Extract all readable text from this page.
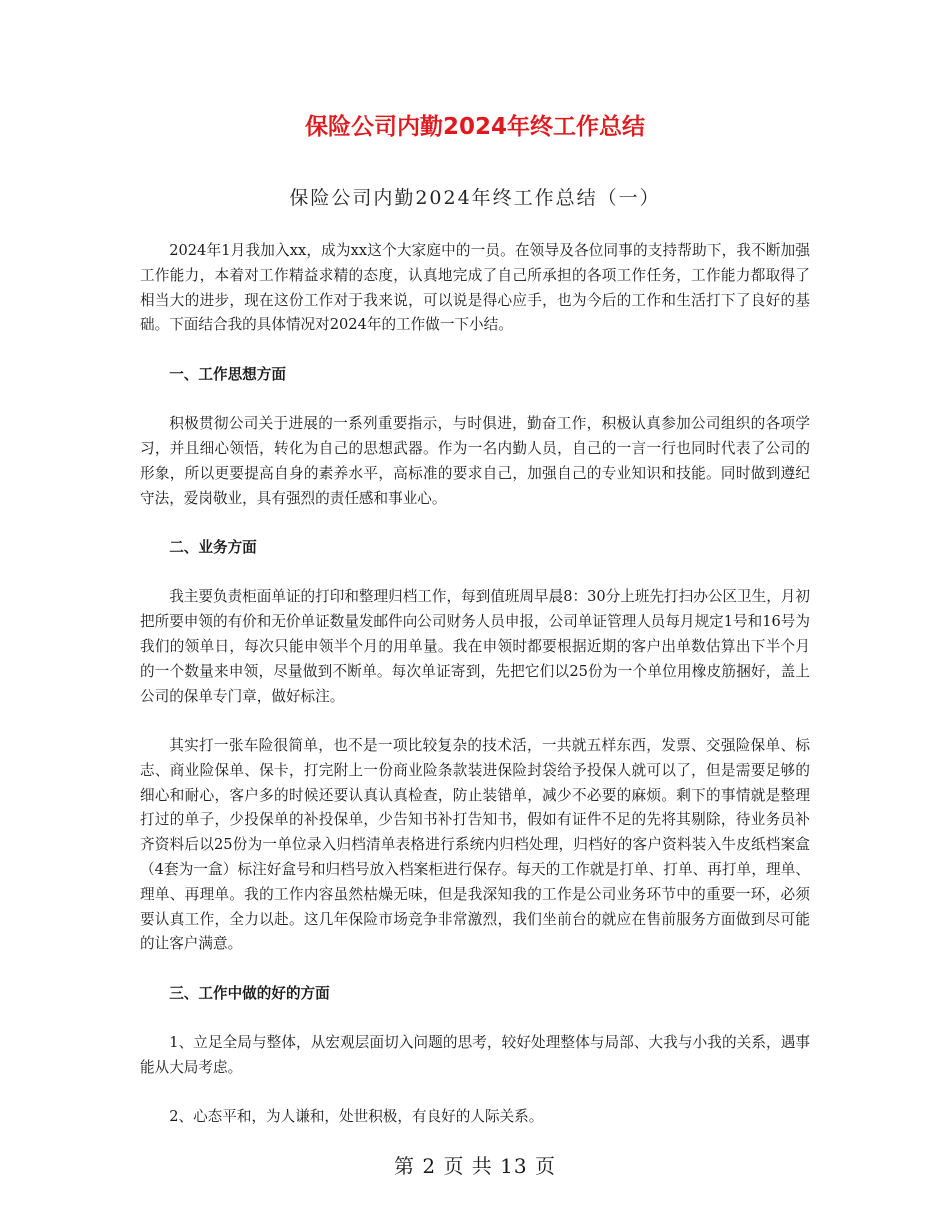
保险公司内勤2024年终工作总结
保险公司内勤2024年终工作总结（一）

2024年1月我加入xx，成为xx这个大家庭中的一员。在领导及各位同事的支持帮助下，我不断加强工作能力，本着对工作精益求精的态度，认真地完成了自己所承担的各项工作任务，工作能力都取得了相当大的进步，现在这份工作对于我来说，可以说是得心应手，也为今后的工作和生活打下了良好的基础。下面结合我的具体情况对2024年的工作做一下小结。

一、工作思想方面

积极贯彻公司关于进展的一系列重要指示，与时俱进，勤奋工作，积极认真参加公司组织的各项学习，并且细心领悟，转化为自己的思想武器。作为一名内勤人员，自己的一言一行也同时代表了公司的形象，所以更要提高自身的素养水平，高标准的要求自己，加强自己的专业知识和技能。同时做到遵纪守法，爱岗敬业，具有强烈的责任感和事业心。

二、业务方面

我主要负责柜面单证的打印和整理归档工作，每到值班周早晨8：30分上班先打扫办公区卫生，月初把所要申领的有价和无价单证数量发邮件向公司财务人员申报，公司单证管理人员每月规定1号和16号为我们的领单日，每次只能申领半个月的用单量。我在申领时都要根据近期的客户出单数估算出下半个月的一个数量来申领，尽量做到不断单。每次单证寄到，先把它们以25份为一个单位用橡皮筋捆好，盖上公司的保单专门章，做好标注。

其实打一张车险很简单，也不是一项比较复杂的技术活，一共就五样东西，发票、交强险保单、标志、商业险保单、保卡，打完附上一份商业险条款装进保险封袋给予投保人就可以了，但是需要足够的细心和耐心，客户多的时候还要认真认真检查，防止装错单，减少不必要的麻烦。剩下的事情就是整理打过的单子，少投保单的补投保单，少告知书补打告知书，假如有证件不足的先将其剔除，待业务员补齐资料后以25份为一单位录入归档清单表格进行系统内归档处理，归档好的客户资料装入牛皮纸档案盒（4套为一盒）标注好盒号和归档号放入档案柜进行保存。每天的工作就是打单、打单、再打单，理单、理单、再理单。我的工作内容虽然枯燥无味，但是我深知我的工作是公司业务环节中的重要一环，必须要认真工作，全力以赴。这几年保险市场竞争非常激烈，我们坐前台的就应在售前服务方面做到尽可能的让客户满意。

三、工作中做的好的方面

1、立足全局与整体，从宏观层面切入问题的思考，较好处理整体与局部、大我与小我的关系，遇事能从大局考虑。

2、心态平和，为人谦和，处世积极，有良好的人际关系。

第 2 页 共 13 页
